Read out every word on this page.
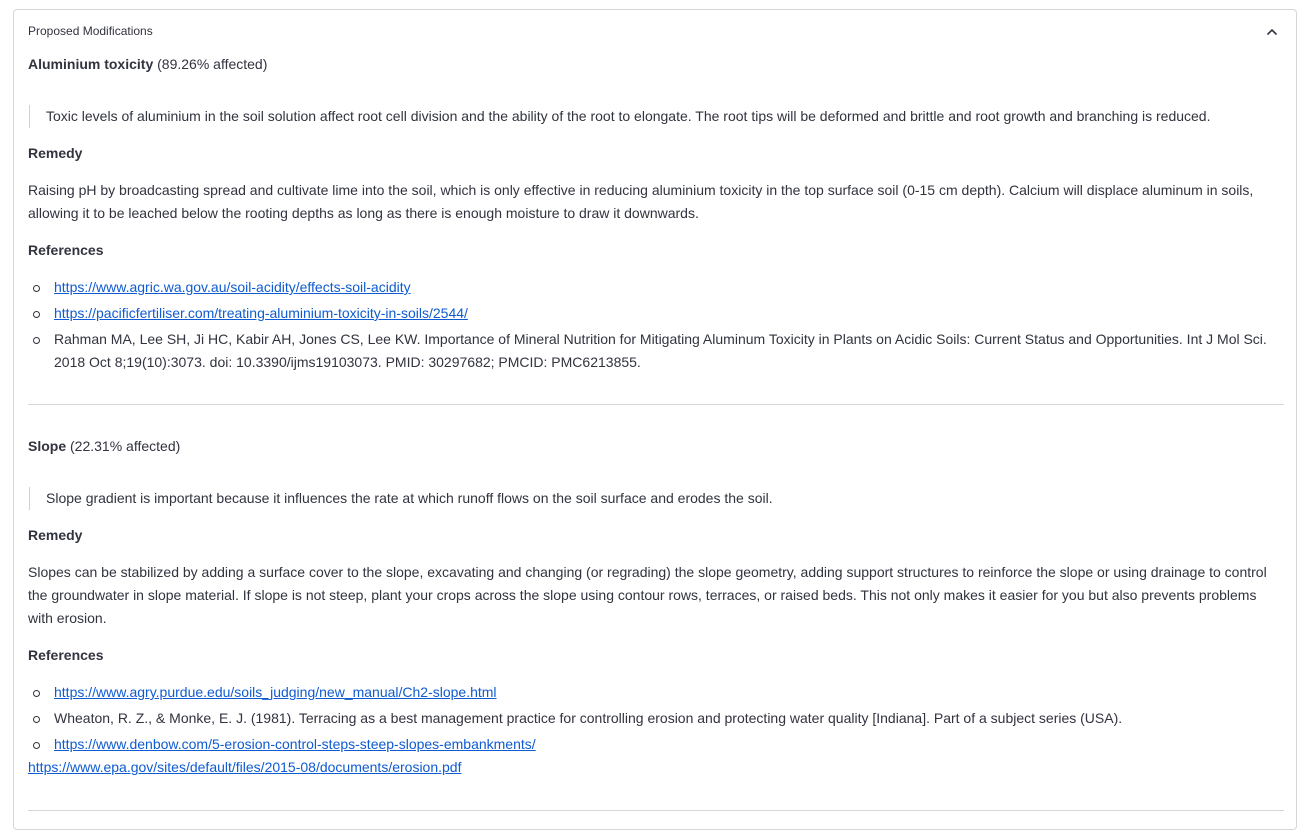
Proposed Modifications
Aluminium toxicity (89.26% affected)
Toxic levels of aluminium in the soil solution affect root cell division and the ability of the root to elongate. The root tips will be deformed and brittle and root growth and branching is reduced.
Remedy
Raising pH by broadcasting spread and cultivate lime into the soil, which is only effective in reducing aluminium toxicity in the top surface soil (0-15 cm depth). Calcium will displace aluminum in soils, allowing it to be leached below the rooting depths as long as there is enough moisture to draw it downwards.
References
https://www.agric.wa.gov.au/soil-acidity/effects-soil-acidity
https://pacificfertiliser.com/treating-aluminium-toxicity-in-soils/2544/
Rahman MA, Lee SH, Ji HC, Kabir AH, Jones CS, Lee KW. Importance of Mineral Nutrition for Mitigating Aluminum Toxicity in Plants on Acidic Soils: Current Status and Opportunities. Int J Mol Sci. 2018 Oct 8;19(10):3073. doi: 10.3390/ijms19103073. PMID: 30297682; PMCID: PMC6213855.
Slope (22.31% affected)
Slope gradient is important because it influences the rate at which runoff flows on the soil surface and erodes the soil.
Remedy
Slopes can be stabilized by adding a surface cover to the slope, excavating and changing (or regrading) the slope geometry, adding support structures to reinforce the slope or using drainage to control the groundwater in slope material. If slope is not steep, plant your crops across the slope using contour rows, terraces, or raised beds. This not only makes it easier for you but also prevents problems with erosion.
References
https://www.agry.purdue.edu/soils_judging/new_manual/Ch2-slope.html
Wheaton, R. Z., & Monke, E. J. (1981). Terracing as a best management practice for controlling erosion and protecting water quality [Indiana]. Part of a subject series (USA).
https://www.denbow.com/5-erosion-control-steps-steep-slopes-embankments/
https://www.epa.gov/sites/default/files/2015-08/documents/erosion.pdf
